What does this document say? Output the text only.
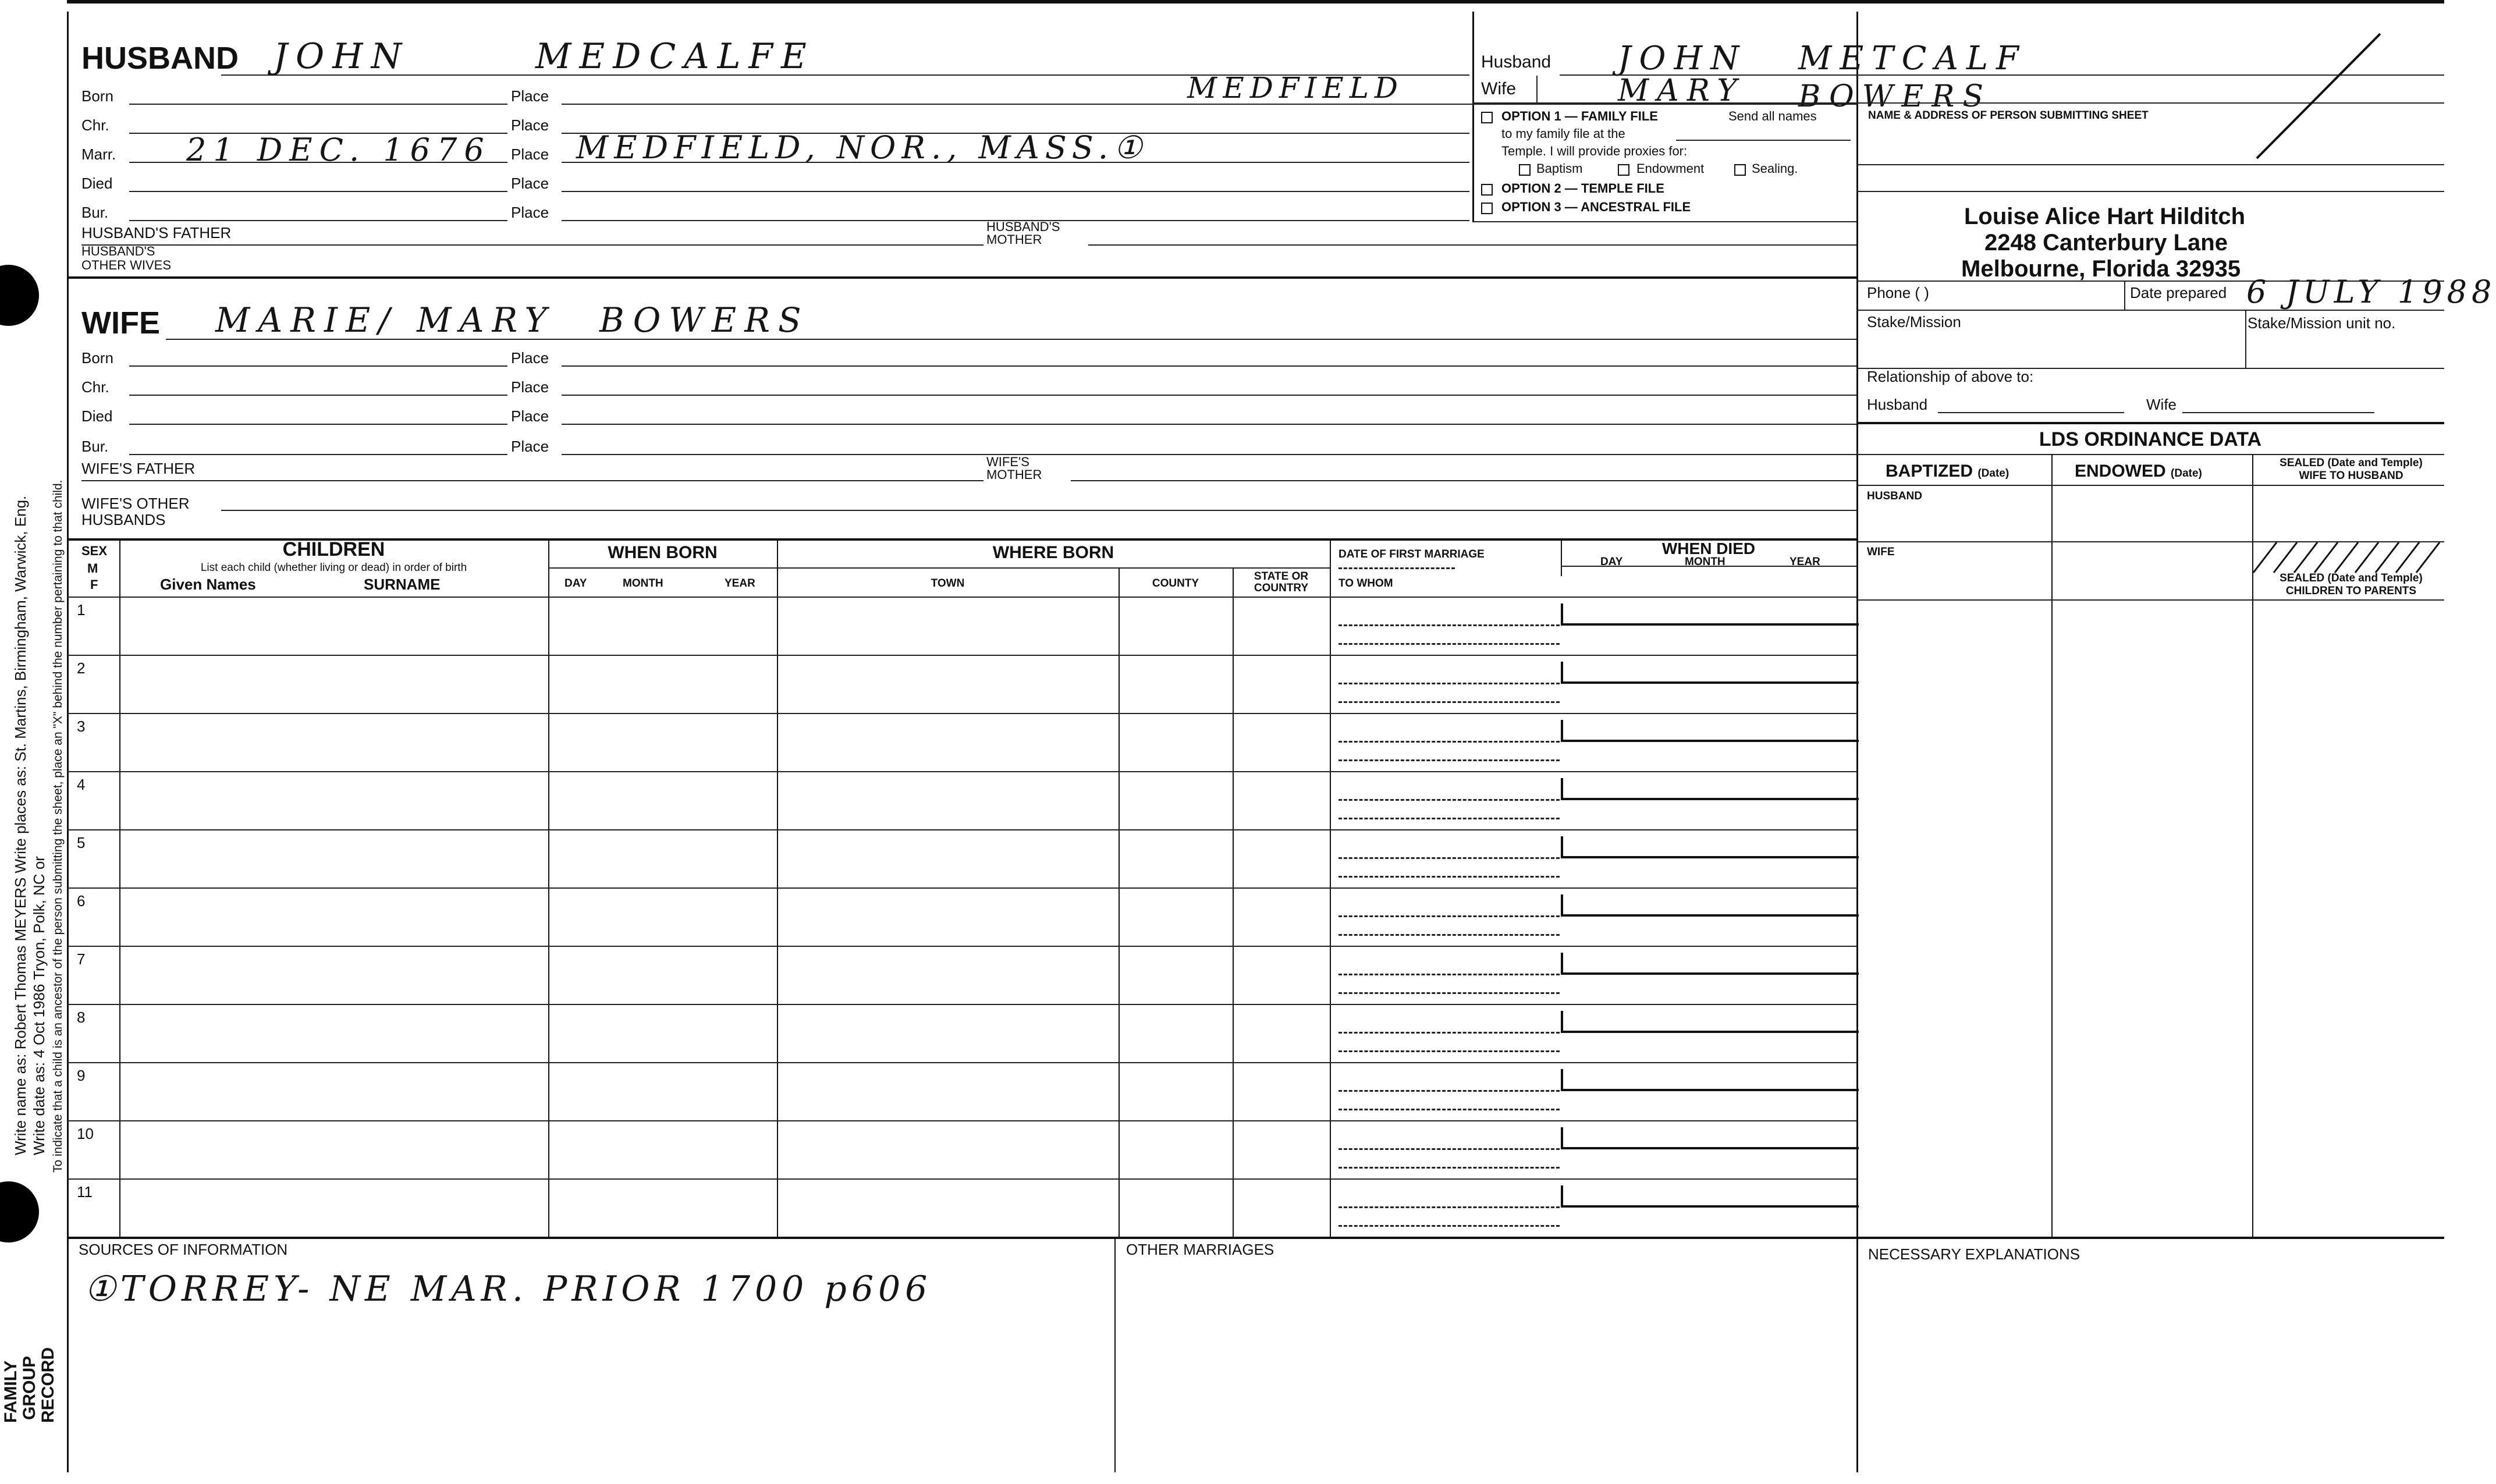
Write name as: Robert Thomas MEYERS Write places as: St. Martins, Birmingham, Warwick, Eng. Write date as: 4 Oct 1986 Tryon, Polk, NC or To indicate that a child is an ancestor of the person submitting the sheet, place an "X" behind the number pertaining to that child.
FAMILY GROUP RECORD
HUSBAND JOHN	MEDCALFE
Born	Place	MEDFIELD
Chr.	Place
Marr. 21 DEC. 1676 Place MEDFIELD, NOR., MASS.①
Died	Place
Bur.	Place
HUSBAND'S FATHER	HUSBAND'S
MOTHER
HUSBAND'S
OTHER WIVES
Husband JOHN METCALF
Wife	MARY BOWERS
OPTION 1 — FAMILY FILE	Send all names
to my family file at the
Temple. I will provide proxies for:
Baptism	Endowment	Sealing.
OPTION 2 — TEMPLE FILE
OPTION 3 — ANCESTRAL FILE
NAME & ADDRESS OF PERSON SUBMITTING SHEET
Louise Alice Hart Hilditch
2248 Canterbury Lane
Melbourne, Florida 32935
Phone ( )	Date prepared 6 JULY 1988
Stake/Mission	Stake/Mission unit no.
Relationship of above to:
Husband	Wife
LDS ORDINANCE DATA
BAPTIZED (Date)	ENDOWED (Date)
SEALED (Date and Temple)
WIFE TO HUSBAND
HUSBAND
WIFE
SEALED (Date and Temple)
CHILDREN TO PARENTS
WIFE MARIE/ MARY BOWERS
Born	Place
Chr.	Place
Died	Place
Bur.	Place
WIFE'S FATHER	WIFE'S
MOTHER
WIFE'S OTHER
HUSBANDS
SEX
M
F
CHILDREN
List each child (whether living or dead) in order of birth
Given Names	SURNAME
WHEN BORN
DAY	MONTH	YEAR
WHERE BORN
TOWN	COUNTY
STATE OR
COUNTRY
DATE OF FIRST MARRIAGE
TO WHOM
WHEN DIED
DAY	MONTH	YEAR
1
2
3
4
5
6
7
8
9
10
11
SOURCES OF INFORMATION
①TORREY- NE MAR. PRIOR 1700 p606
OTHER MARRIAGES	NECESSARY EXPLANATIONS
